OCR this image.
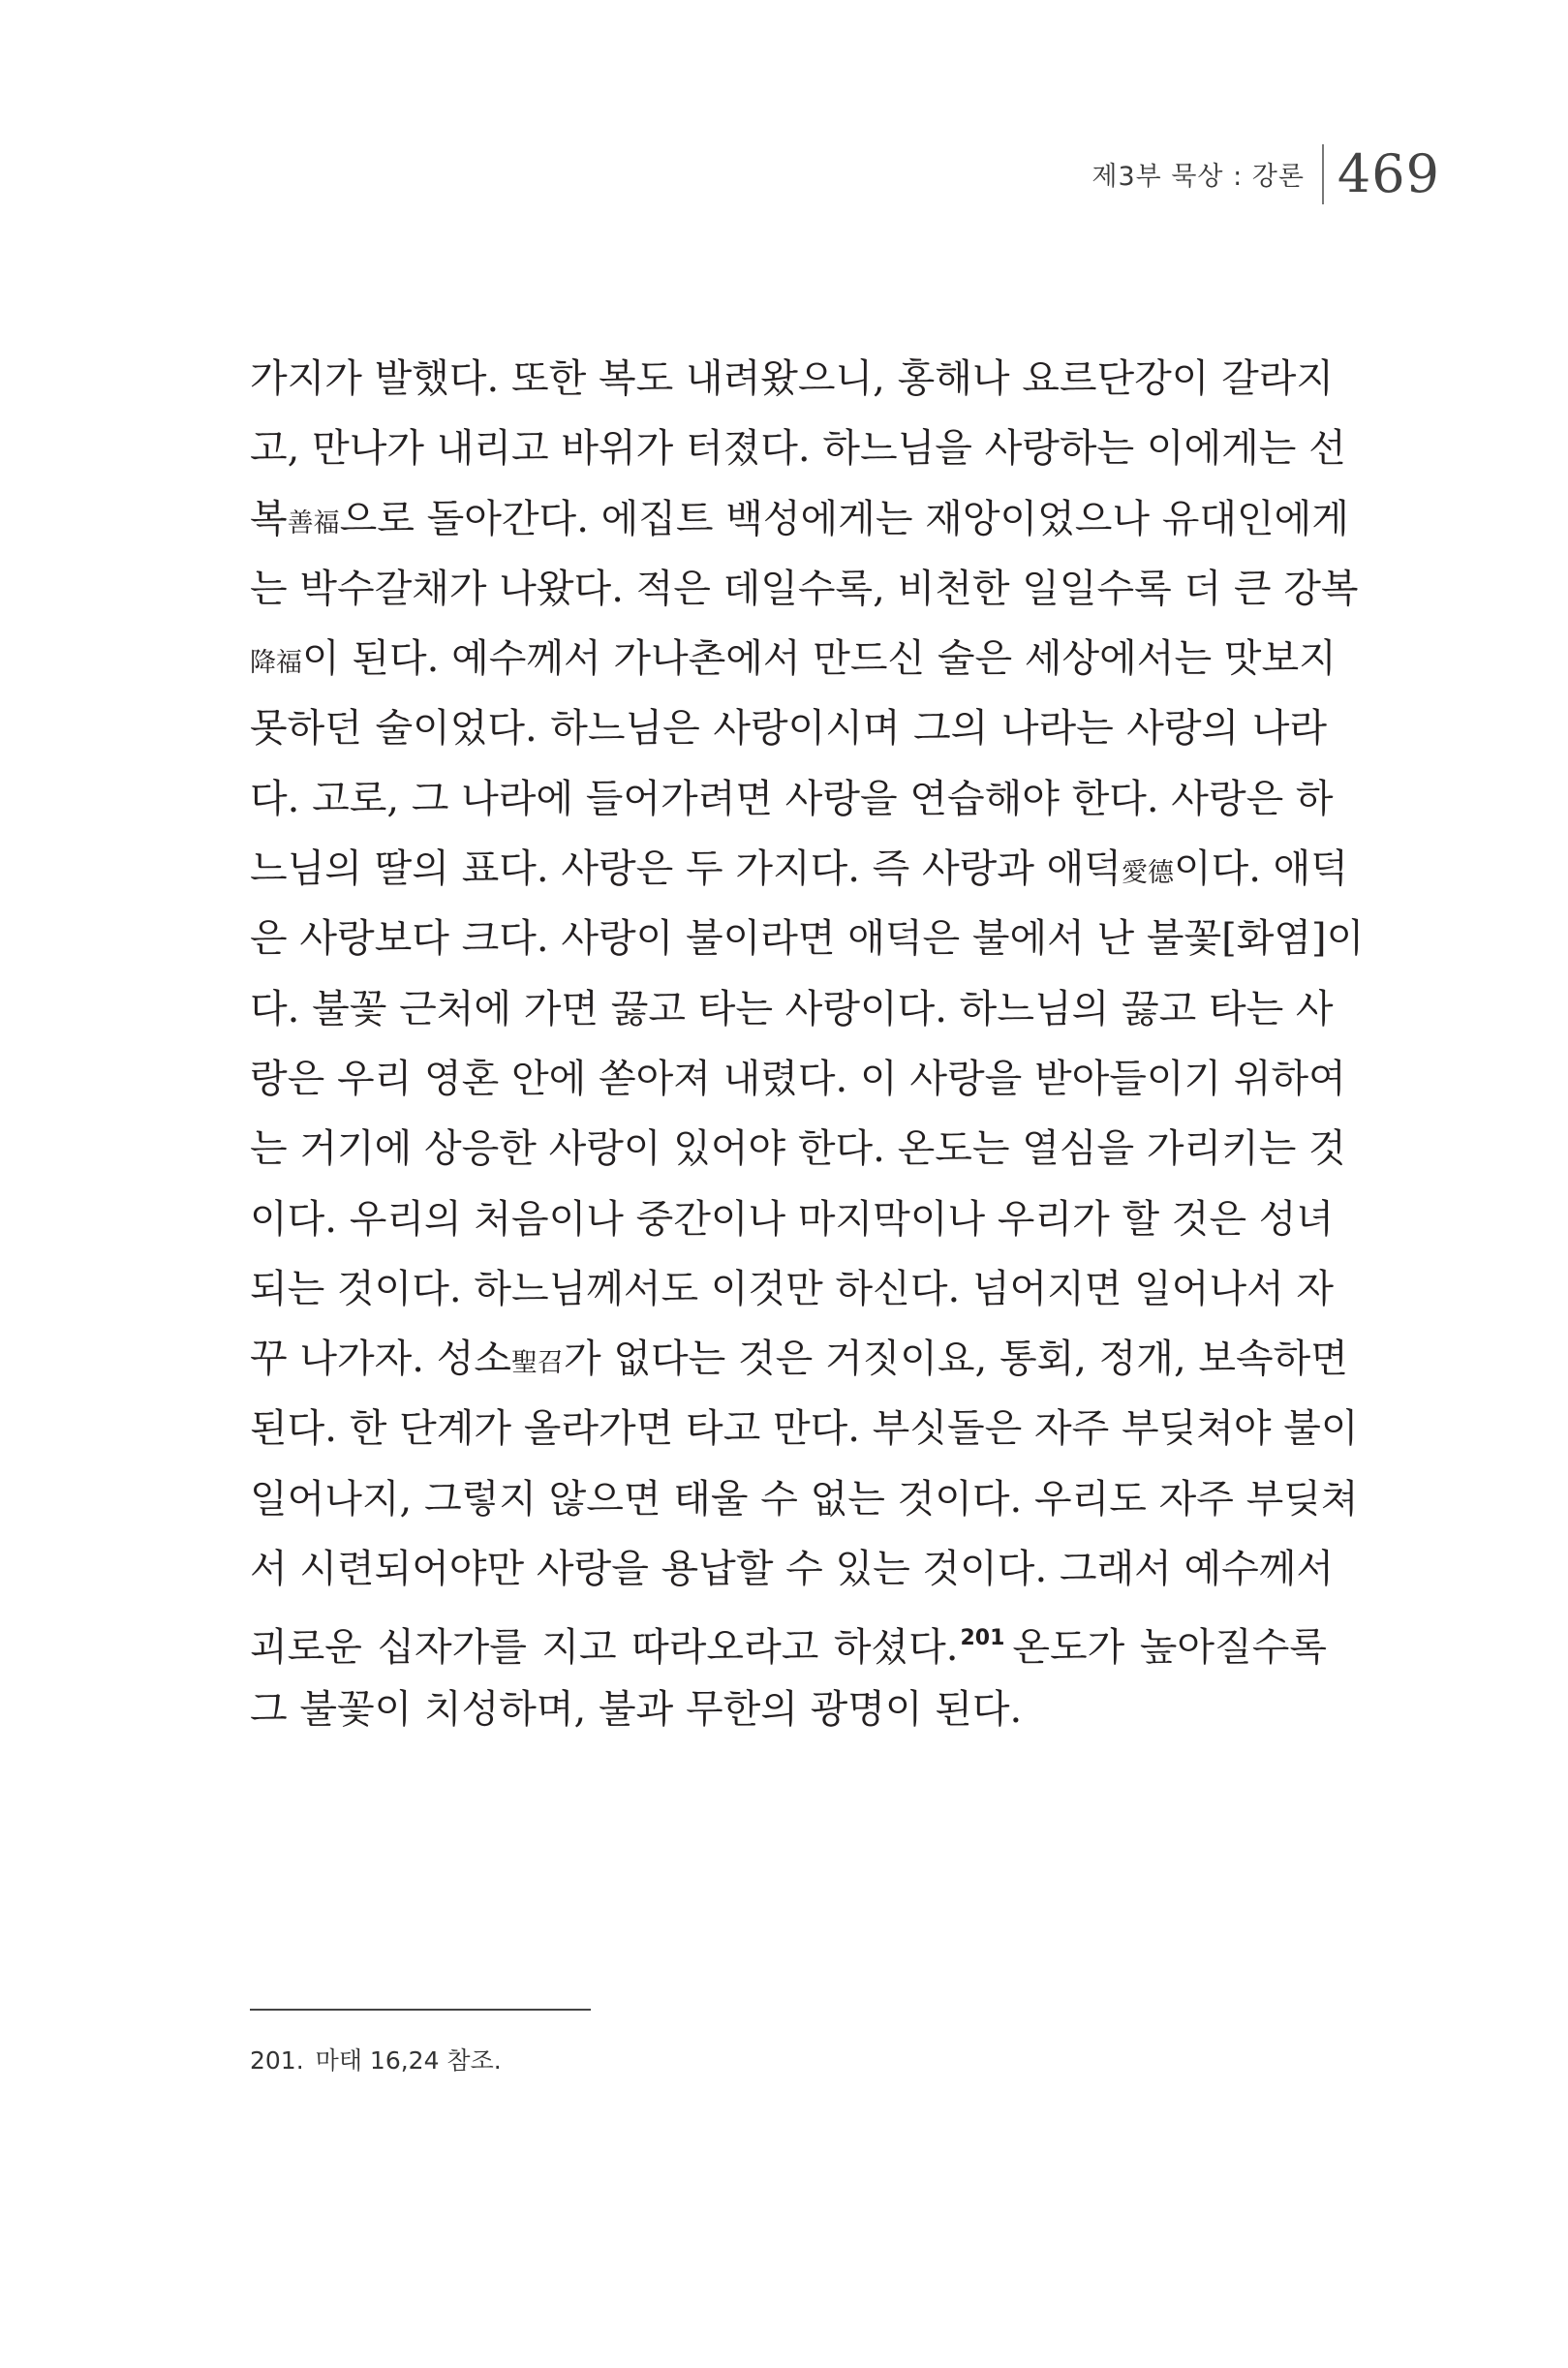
제3부 묵상 : 강론 469
가지가 발했다. 또한 복도 내려왔으니, 홍해나 요르단강이 갈라지
고, 만나가 내리고 바위가 터졌다. 하느님을 사랑하는 이에게는 선
복善福으로 돌아간다. 에집트 백성에게는 재앙이었으나 유대인에게
는 박수갈채가 나왔다. 적은 데일수록, 비천한 일일수록 더 큰 강복
降福이 된다. 예수께서 가나촌에서 만드신 술은 세상에서는 맛보지
못하던 술이었다. 하느님은 사랑이시며 그의 나라는 사랑의 나라
다. 고로, 그 나라에 들어가려면 사랑을 연습해야 한다. 사랑은 하
느님의 딸의 표다. 사랑은 두 가지다. 즉 사랑과 애덕愛德이다. 애덕
은 사랑보다 크다. 사랑이 불이라면 애덕은 불에서 난 불꽃[화염]이
다. 불꽃 근처에 가면 끓고 타는 사랑이다. 하느님의 끓고 타는 사
랑은 우리 영혼 안에 쏟아져 내렸다. 이 사랑을 받아들이기 위하여
는 거기에 상응한 사랑이 있어야 한다. 온도는 열심을 가리키는 것
이다. 우리의 처음이나 중간이나 마지막이나 우리가 할 것은 성녀
되는 것이다. 하느님께서도 이것만 하신다. 넘어지면 일어나서 자
꾸 나가자. 성소聖召가 없다는 것은 거짓이요, 통회, 정개, 보속하면
된다. 한 단계가 올라가면 타고 만다. 부싯돌은 자주 부딪쳐야 불이
일어나지, 그렇지 않으면 태울 수 없는 것이다. 우리도 자주 부딪쳐
서 시련되어야만 사랑을 용납할 수 있는 것이다. 그래서 예수께서
괴로운 십자가를 지고 따라오라고 하셨다.$^{201}$ 온도가 높아질수록
그 불꽃이 치성하며, 불과 무한의 광명이 된다.
201. 마태 16,24 참조.
